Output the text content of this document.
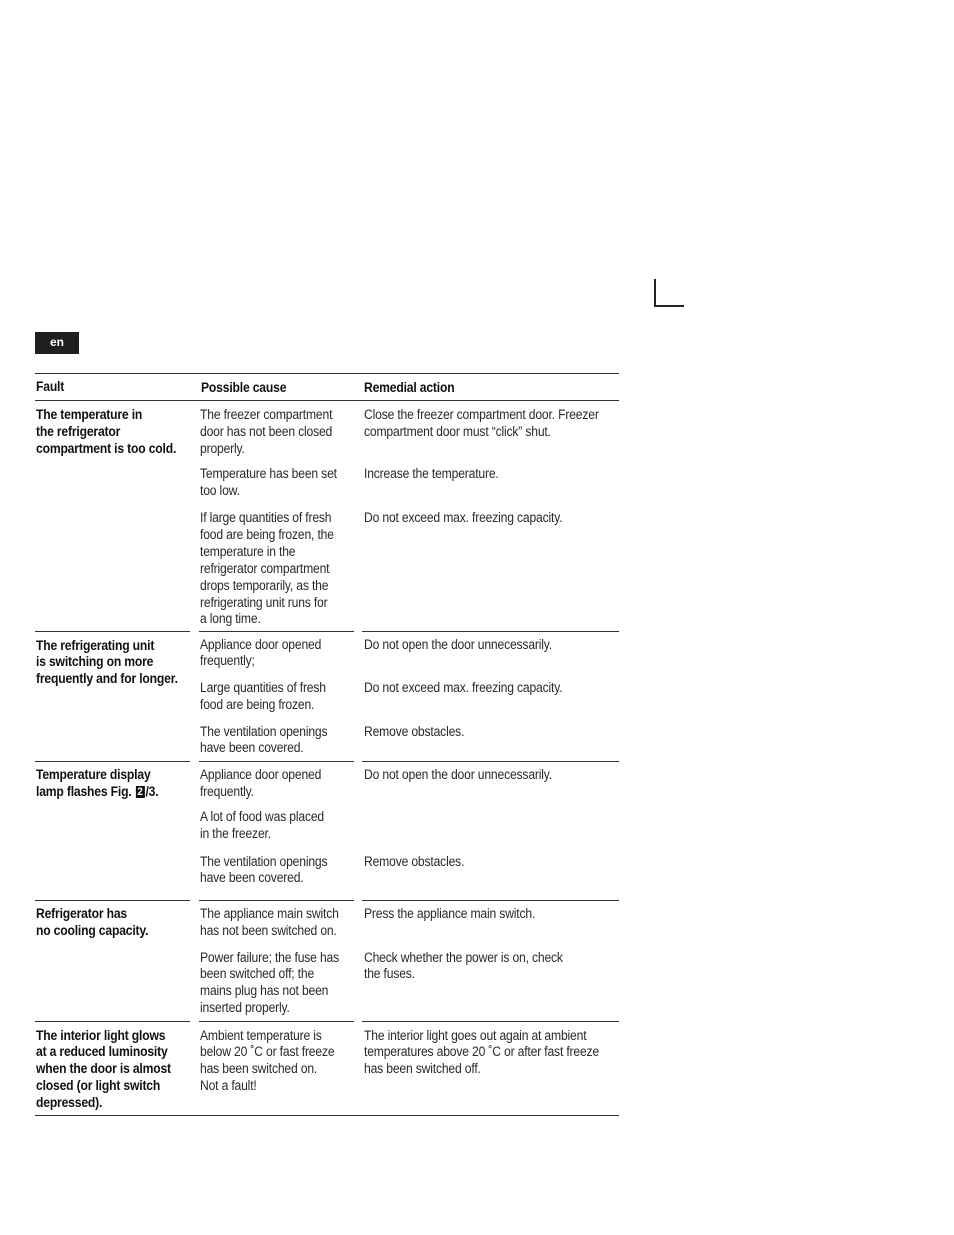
en
Fault	Possible cause	Remedial action
The temperature in
the refrigerator
compartment is too cold.
The freezer compartment
door has not been closed
properly.
Close the freezer compartment door. Freezer
compartment door must “click” shut.
Temperature has been set
too low.
Increase the temperature.
If large quantities of fresh
food are being frozen, the
temperature in the
refrigerator compartment
drops temporarily, as the
refrigerating unit runs for
a long time.
Do not exceed max. freezing capacity.
The refrigerating unit
is switching on more
frequently and for longer.
Appliance door opened
frequently;
Do not open the door unnecessarily.
Large quantities of fresh
food are being frozen.
Do not exceed max. freezing capacity.
The ventilation openings
have been covered.
Remove obstacles.
Temperature display
lamp flashes Fig. 2 /3.
Appliance door opened
frequently.
Do not open the door unnecessarily.
A lot of food was placed
in the freezer.
The ventilation openings
have been covered.
Remove obstacles.
Refrigerator has
no cooling capacity.
The appliance main switch
has not been switched on.
Press the appliance main switch.
Power failure; the fuse has
been switched off; the
mains plug has not been
inserted properly.
Check whether the power is on, check
the fuses.
The interior light glows
at a reduced luminosity
when the door is almost
closed (or light switch
depressed).
Ambient temperature is
below 20 ˚C or fast freeze
has been switched on.
Not a fault!
The interior light goes out again at ambient
temperatures above 20 ˚C or after fast freeze
has been switched off.
